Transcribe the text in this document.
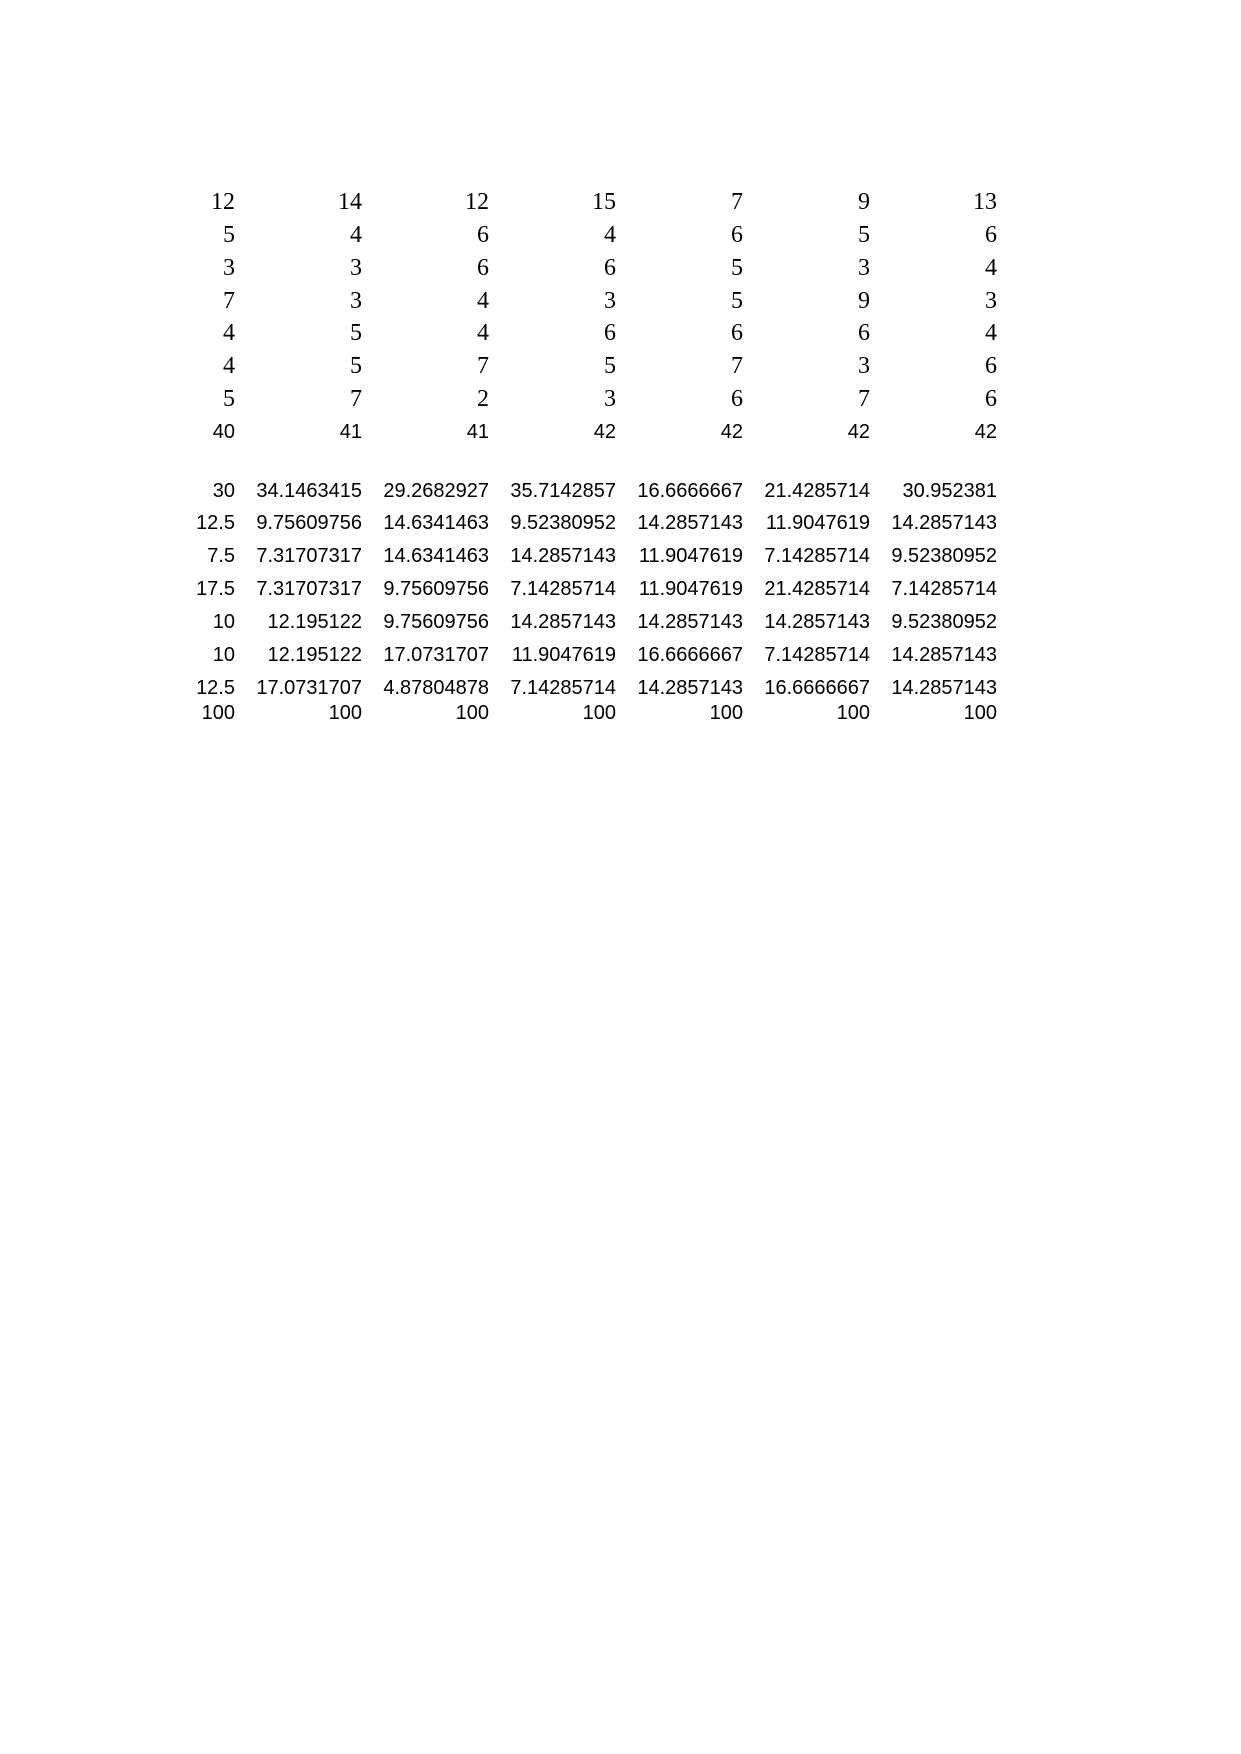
12	14	12	15	7	9	13
5	4	6	4	6	5	6
3	3	6	6	5	3	4
7	3	4	3	5	9	3
4	5	4	6	6	6	4
4	5	7	5	7	3	6
5	7	2	3	6	7	6
40	41	41	42	42	42	42
30	34.1463415	29.2682927	35.7142857	16.6666667	21.4285714	30.952381
12.5	9.75609756	14.6341463	9.52380952	14.2857143	11.9047619	14.2857143
7.5	7.31707317	14.6341463	14.2857143	11.9047619	7.14285714	9.52380952
17.5	7.31707317	9.75609756	7.14285714	11.9047619	21.4285714	7.14285714
10	12.195122	9.75609756	14.2857143	14.2857143	14.2857143	9.52380952
10	12.195122	17.0731707	11.9047619	16.6666667	7.14285714	14.2857143
12.5	17.0731707	4.87804878	7.14285714	14.2857143	16.6666667	14.2857143
100	100	100	100	100	100	100
